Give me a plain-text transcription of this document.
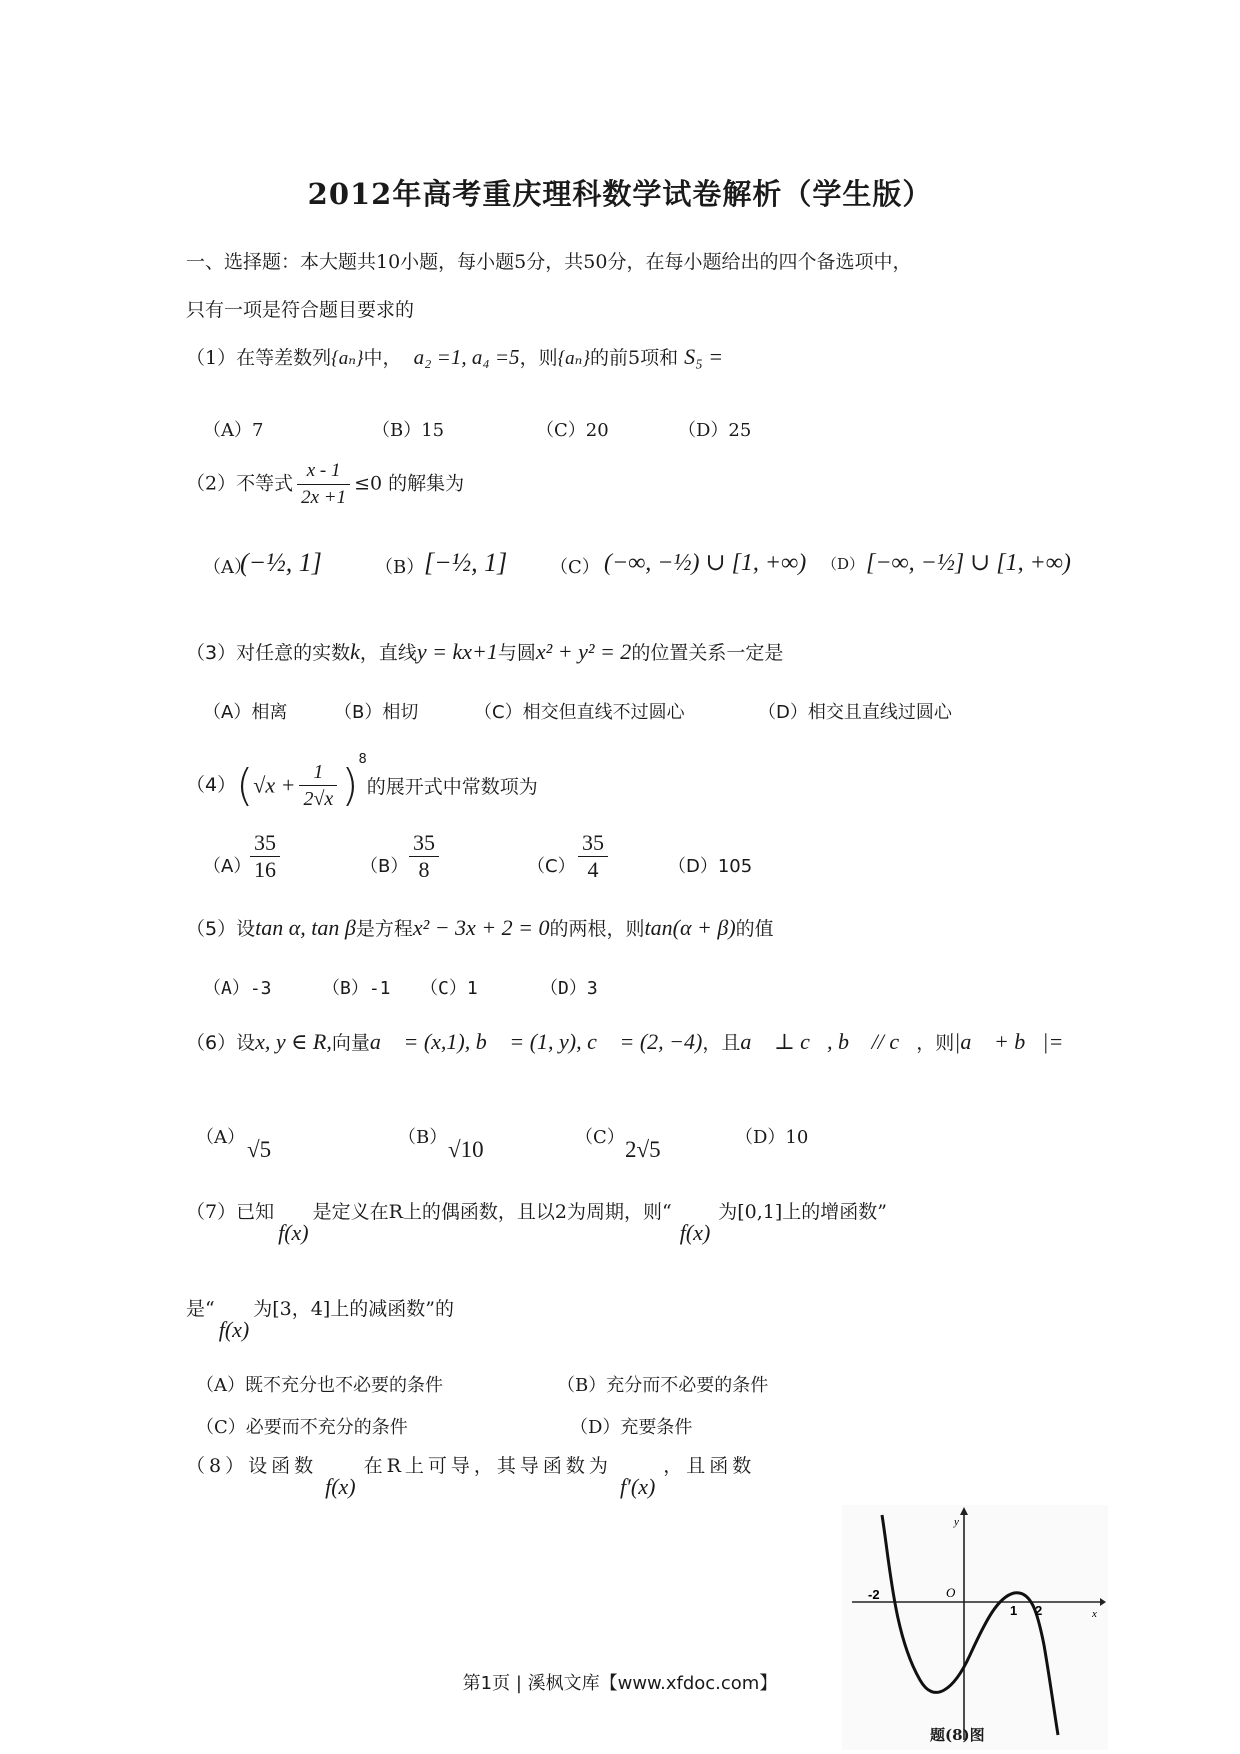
2012年高考重庆理科数学试卷解析（学生版）
一、选择题：本大题共10小题，每小题5分，共50分，在每小题给出的四个备选项中，
只有一项是符合题目要求的
（1）在等差数列{aₙ}中， a₂ =1, a₄ =5，则{aₙ}的前5项和 S₅ =
（A）7	（B）15	（C）20	（D）25
（2）不等式 $\frac{x - 1}{2x +1} \le 0$ 的解集为
（A）
(−½, 1]	（B） [−½, 1] （C） (−∞, −½) ∪ [1, +∞) （D） [−∞, −½] ∪ [1, +∞)
（3）对任意的实数k，直线y = kx+1与圆x² + y² = 2的位置关系一定是
（A）相离	（B）相切	（C）相交但直线不过圆心	（D）相交且直线过圆心
$(4)(√x + \frac{1}{2√x} )^8$的展开式中常数项为
（A）
$\frac{35}{16}$	$(B) \frac{35}{8}$	$(C) \frac{35}{4}$	（D）105
（5）设tan α, tan β是方程x² − 3x + 2 = 0的两根，则tan(α + β)的值
（A）-3	（B）-1 （C）1	（D）3
（6）设x, y ∈ R,向量a⃗ = (x,1), b⃗ = (1, y), c⃗ = (2, −4)，且a⃗ ⊥ c⃗, b⃗ // c⃗，则|a⃗ + b⃗|=
（A） √5	（B） √10	（C） 2√5	（D）10
（7）已知f(x)是定义在R上的偶函数，且以2为周期，则“f(x)为[0,1]上的增函数”
是“f(x)为[3，4]上的减函数”的
（A）既不充分也不必要的条件	（B）充分而不必要的条件
（C）必要而不充分的条件	（D）充要条件
（8）设函数f(x)在R上可导，其导函数为f′(x)，且函数
y
x
O
-2
1 2
题(8)图
第1页 | 溪枫文库【www.xfdoc.com】
